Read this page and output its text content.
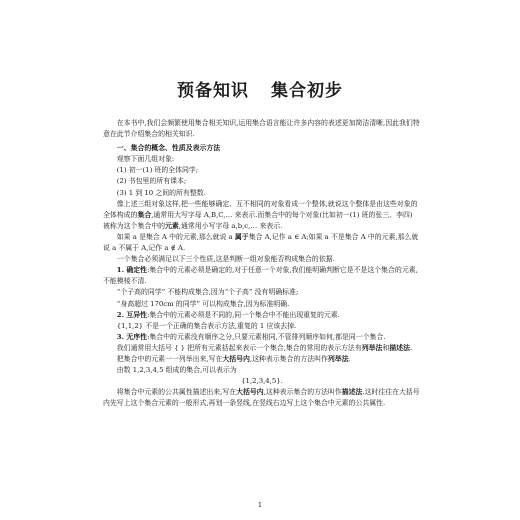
预备知识 集合初步

在本书中,我们会频繁使用集合相关知识,运用集合语言能让许多内容的表述更加简洁清晰,因此我们特意在此节介绍集合的相关知识.

一、集合的概念、性质及表示方法

观察下面几组对象:

(1) 初一(1) 班的全体同学;

(2) 书包里的所有课本;

(3) 1 到 10 之间的所有整数.

像上述三组对象这样,把一些能够确定、互不相同的对象看成一个整体,就说这个整体是由这些对象的全体构成的集合,通常用大写字母 A,B,C,… 来表示.而集合中的每个对象(比如初一(1) 班的张三、李四) 被称为这个集合中的元素,通常用小写字母 a,b,c,… 来表示.

如果 a 是集合 A 中的元素,那么就说 a 属于集合 A,记作 a ∈ A;如果 a 不是集合 A 中的元素,那么就说 a 不属于 A,记作 a ∉ A.

一个集合必须满足以下三个性质,这是判断一组对象能否构成集合的依据.

1. 确定性:集合中的元素必须是确定的,对于任意一个对象,我们能明确判断它是不是这个集合的元素,不能模棱不清.

“个子高的同学” 不能构成集合,因为“个子高” 没有明确标准;

“身高超过 170cm 的同学” 可以构成集合,因为标准明确.

2. 互异性:集合中的元素必须是不同的,同一个集合中不能出现重复的元素.

{1,1,2} 不是一个正确的集合表示方法,重复的 1 应该去掉.

3. 无序性:集合中的元素没有顺序之分,只要元素相同,不管排列顺序如何,都是同一个集合.

我们通常用大括号 { } 把所有元素括起来表示一个集合,集合的常用的表示方法有列举法和描述法.

把集合中的元素一一列举出来,写在大括号内,这种表示集合的方法叫作列举法.

由数 1,2,3,4,5 组成的集合,可以表示为

{1,2,3,4,5}.

将集合中元素的公共属性描述出来,写在大括号内,这种表示集合的方法叫作描述法.这时往往在大括号内先写上这个集合元素的一般形式,再划一条竖线,在竖线右边写上这个集合中元素的公共属性.

1
